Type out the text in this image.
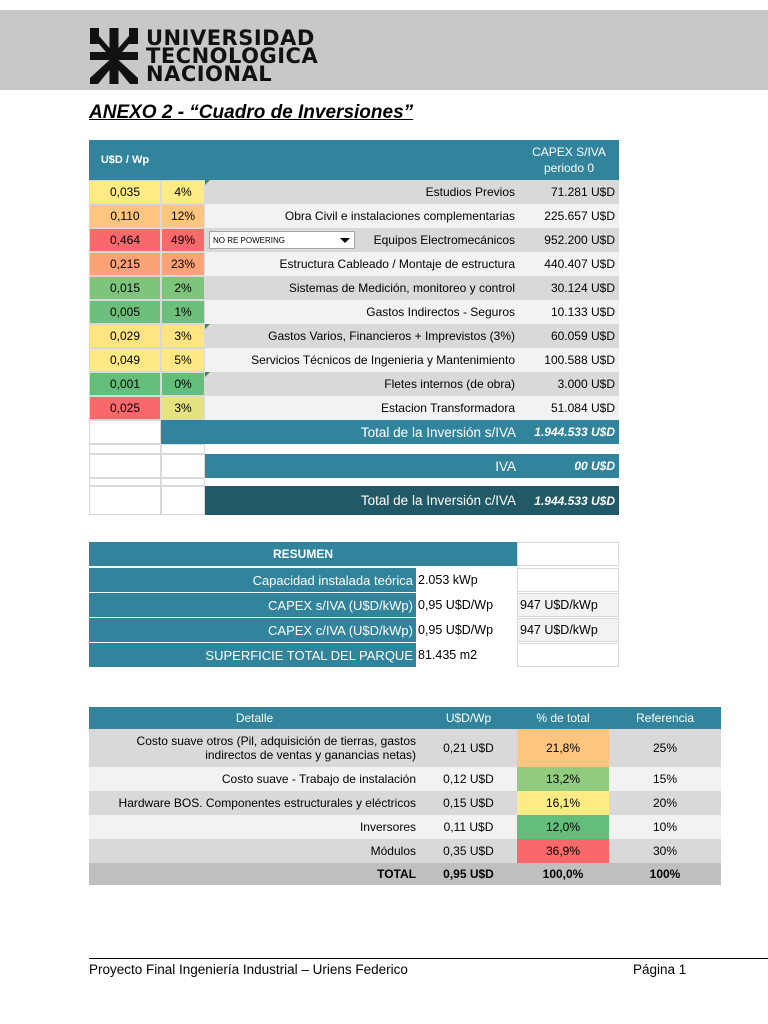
UNIVERSIDAD
TECNOLOGICA
NACIONAL
ANEXO 2 - “Cuadro de Inversiones”
U$D / Wp
CAPEX S/IVA
periodo 0
0,035	4%	Estudios Previos	71.281 U$D
0,110	12%	Obra Civil e instalaciones complementarias	225.657 U$D
0,464	49%	Equipos Electromecánicos	952.200 U$D
NO RE POWERING
0,215	23%	Estructura Cableado / Montaje de estructura	440.407 U$D
0,015	2%	Sistemas de Medición, monitoreo y control	30.124 U$D
0,005	1%	Gastos Indirectos - Seguros	10.133 U$D
0,029	3%	Gastos Varios, Financieros + Imprevistos (3%)	60.059 U$D
0,049	5%	Servicios Técnicos de Ingenieria y Mantenimiento	100.588 U$D
0,001	0%	Fletes internos (de obra)	3.000 U$D
0,025	3%	Estacion Transformadora	51.084 U$D
Total de la Inversión s/IVA	1.944.533 U$D
IVA	00 U$D
Total de la Inversión c/IVA	1.944.533 U$D
RESUMEN
Capacidad instalada teórica 2.053 kWp
CAPEX s/IVA (U$D/kWp) 0,95 U$D/Wp	947 U$D/kWp
CAPEX c/IVA (U$D/kWp) 0,95 U$D/Wp	947 U$D/kWp
SUPERFICIE TOTAL DEL PARQUE 81.435 m2
Detalle	U$D/Wp	% de total	Referencia
Costo suave otros (Pil, adquisición de tierras, gastos indirectos de ventas y ganancias netas)	0,21 U$D	21,8%	25%
Costo suave - Trabajo de instalación	0,12 U$D	13,2%	15%
Hardware BOS. Componentes estructurales y eléctricos	0,15 U$D	16,1%	20%
Inversores	0,11 U$D	12,0%	10%
Módulos	0,35 U$D	36,9%	30%
TOTAL	0,95 U$D	100,0%	100%
Proyecto Final Ingeniería Industrial – Uriens Federico	Página 1
